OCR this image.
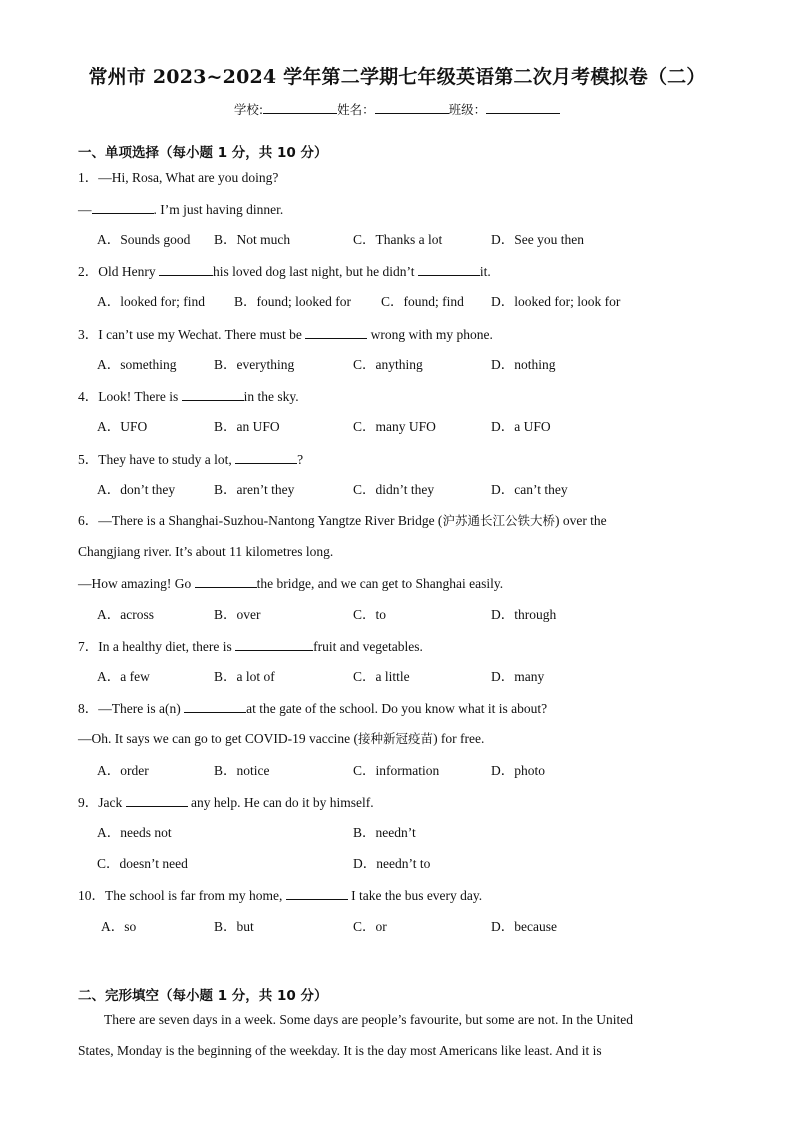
常州市 2023~2024 学年第二学期七年级英语第二次月考模拟卷（二）
学校:	姓名：	班级：
一、单项选择（每小题 1 分，共 10 分）
1．—Hi, Rosa, What are you doing?
—	. I’m just having dinner.
A．Sounds good B．Not much	C．Thanks a lot	D．See you then
2．Old Henry	his loved dog last night, but he didn’t	it.
A．looked for; find B．found; looked for C．found; find D．looked for; look for
3．I can’t use my Wechat. There must be	wrong with my phone.
A．something	B．everything	C．anything	D．nothing
4．Look! There is	in the sky.
A．UFO	B．an UFO	C．many UFO	D．a UFO
5．They have to study a lot,	?
A．don’t they	B．aren’t they	C．didn’t they	D．can’t they
6．—There is a Shanghai-Suzhou-Nantong Yangtze River Bridge (沪苏通长江公铁大桥) over the
Changjiang river. It’s about 11 kilometres long.
—How amazing! Go	the bridge, and we can get to Shanghai easily.
A．across	B．over	C．to	D．through
7．In a healthy diet, there is	fruit and vegetables.
A．a few	B．a lot of	C．a little	D．many
8．—There is a(n)	at the gate of the school. Do you know what it is about?
—Oh. It says we can go to get COVID-19 vaccine (接种新冠疫苗) for free.
A．order	B．notice	C．information	D．photo
9．Jack	any help. He can do it by himself.
A．needs not	B．needn’t
C．doesn’t need	D．needn’t to
10．The school is far from my home,	I take the bus every day.
A．so	B．but	C．or	D．because
二、完形填空（每小题 1 分，共 10 分）
There are seven days in a week. Some days are people’s favourite, but some are not. In the United
States, Monday is the beginning of the weekday. It is the day most Americans like least. And it is
